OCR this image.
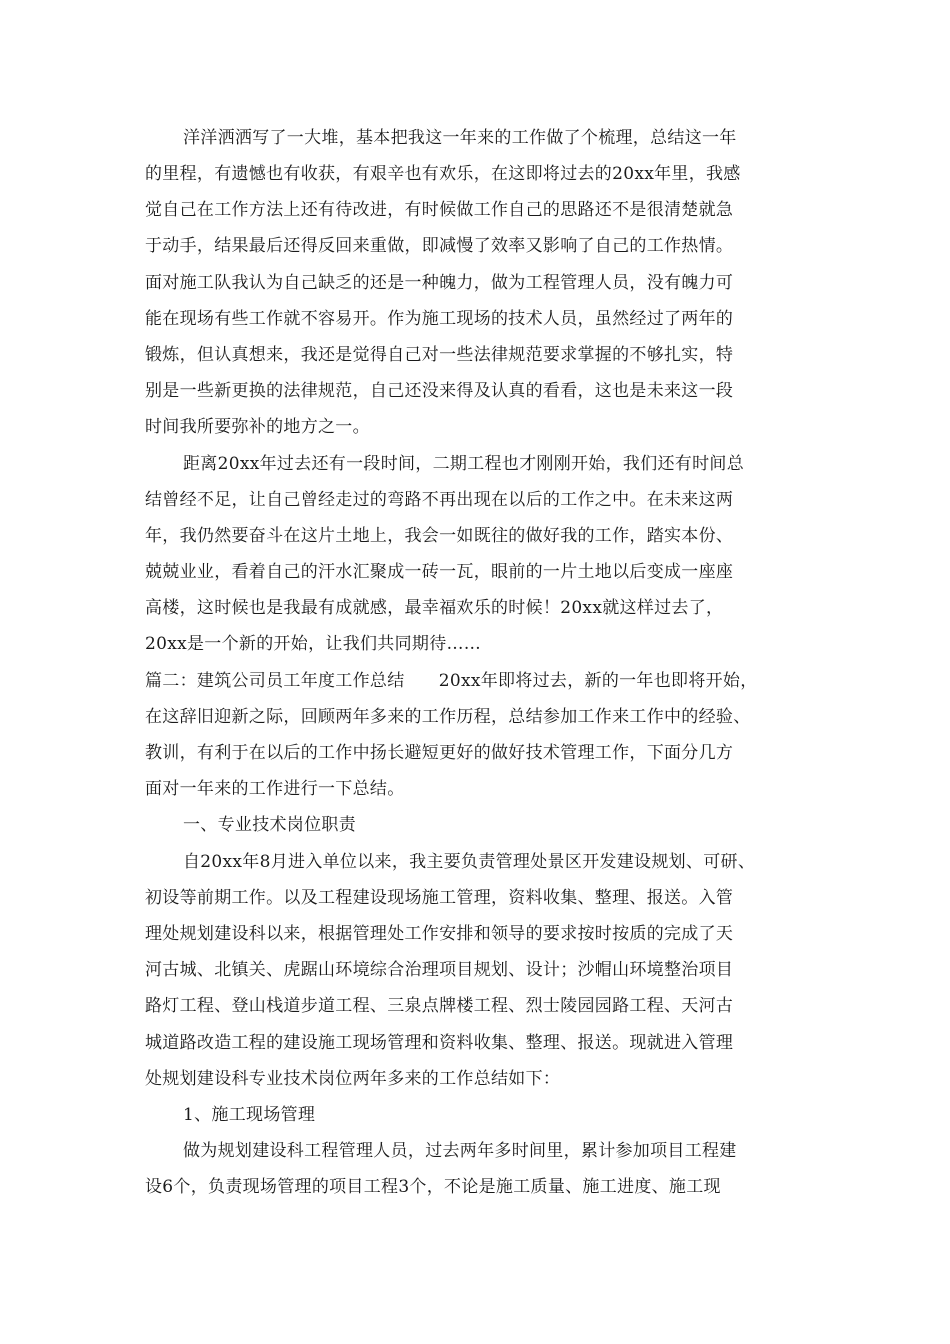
洋洋洒洒写了一大堆，基本把我这一年来的工作做了个梳理，总结这一年
的里程，有遗憾也有收获，有艰辛也有欢乐，在这即将过去的20xx年里，我感
觉自己在工作方法上还有待改进，有时候做工作自己的思路还不是很清楚就急
于动手，结果最后还得反回来重做，即减慢了效率又影响了自己的工作热情。
面对施工队我认为自己缺乏的还是一种魄力，做为工程管理人员，没有魄力可
能在现场有些工作就不容易开。作为施工现场的技术人员，虽然经过了两年的
锻炼，但认真想来，我还是觉得自己对一些法律规范要求掌握的不够扎实，特
别是一些新更换的法律规范，自己还没来得及认真的看看，这也是未来这一段
时间我所要弥补的地方之一。
距离20xx年过去还有一段时间，二期工程也才刚刚开始，我们还有时间总
结曾经不足，让自己曾经走过的弯路不再出现在以后的工作之中。在未来这两
年，我仍然要奋斗在这片土地上，我会一如既往的做好我的工作，踏实本份、
兢兢业业，看着自己的汗水汇聚成一砖一瓦，眼前的一片土地以后变成一座座
高楼，这时候也是我最有成就感，最幸福欢乐的时候！20xx就这样过去了，
20xx是一个新的开始，让我们共同期待……
篇二：建筑公司员工年度工作总结      20xx年即将过去，新的一年也即将开始，
在这辞旧迎新之际，回顾两年多来的工作历程，总结参加工作来工作中的经验、
教训，有利于在以后的工作中扬长避短更好的做好技术管理工作，下面分几方
面对一年来的工作进行一下总结。
一、专业技术岗位职责
自20xx年8月进入单位以来，我主要负责管理处景区开发建设规划、可研、
初设等前期工作。以及工程建设现场施工管理，资料收集、整理、报送。入管
理处规划建设科以来，根据管理处工作安排和领导的要求按时按质的完成了天
河古城、北镇关、虎踞山环境综合治理项目规划、设计；沙帽山环境整治项目
路灯工程、登山栈道步道工程、三泉点牌楼工程、烈士陵园园路工程、天河古
城道路改造工程的建设施工现场管理和资料收集、整理、报送。现就进入管理
处规划建设科专业技术岗位两年多来的工作总结如下：
1、施工现场管理
做为规划建设科工程管理人员，过去两年多时间里，累计参加项目工程建
设6个，负责现场管理的项目工程3个，不论是施工质量、施工进度、施工现
